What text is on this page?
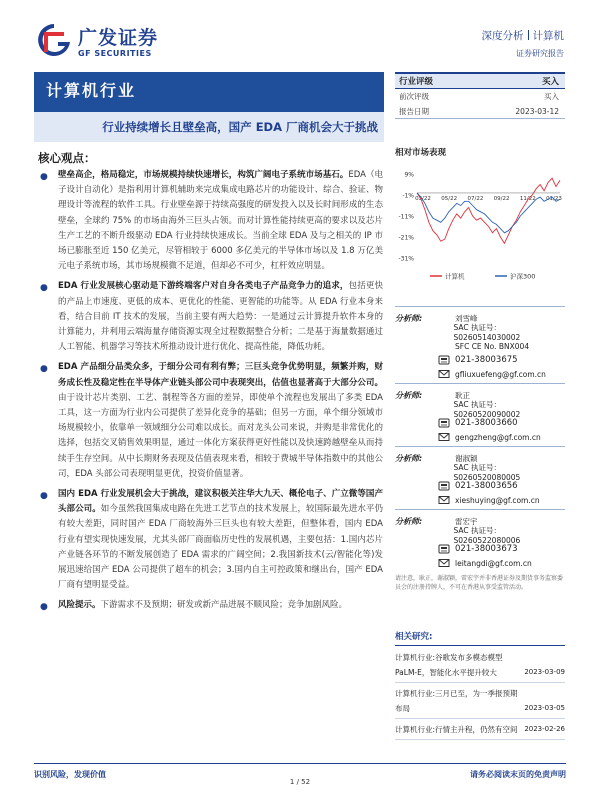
广发证券
GF SECURITIES
深度分析 计算机
证券研究报告
计算机行业
行业持续增长且壁垒高，国产 EDA 厂商机会大于挑战
行业评级	买入
前次评级	买入
报告日期	2023-03-12
相对市场表现
9%
-1%
-11%
-21%
-31%
03/22 05/22 07/22 09/22 11/22 01/23
计算机	沪深300
分析师:	刘雪峰
SAC 执证号：S0260514030002
SFC CE No. BNX004
021-38003675
gfliuxuefeng@gf.com.cn
分析师:	耿正
SAC 执证号：S0260520090002
021-38003660
gengzheng@gf.com.cn
分析师:	谢淑颖
SAC 执证号：S0260520080005
021-38003656
xieshuying@gf.com.cn
分析师:	雷宏宇
SAC 执证号：S0260522080006
021-38003673
leitangdi@gf.com.cn
请注意，耿正，谢淑颖，雷宏宇并非香港证券及期货事务监察委员会的注册持牌人，不可在香港从事受监管活动。
相关研究:
计算机行业:谷歌发布多模态模型 PaLM-E，智能化水平提升较大	2023-03-09
计算机行业:三月已至，为一季报预期布局	2023-03-05
计算机行业:行情主升程，仍然有空间 2023-02-26
核心观点：
● 壁垒高企，格局稳定，市场规模持续快速增长，构筑广阔电子系统市场基石。EDA（电子设计自动化）是指利用计算机辅助来完成集成电路芯片的功能设计、综合、验证、物理设计等流程的软件工具。行业壁垒源于持续高强度的研发投入以及长时间形成的生态壁垒，全球约 75% 的市场由海外三巨头占领。而对计算性能持续更高的要求以及芯片生产工艺的不断升级驱动 EDA 行业持续快速成长。当前全球 EDA 及与之相关的 IP 市场已膨胀至近 150 亿美元，尽管相较于 6000 多亿美元的半导体市场以及 1.8 万亿美元电子系统市场，其市场规模微不足道，但却必不可少，杠杆效应明显。
● EDA 行业发展核心驱动是下游终端客户对自身各类电子产品竞争力的追求，包括更快的产品上市速度、更低的成本、更优化的性能、更智能的功能等。从 EDA 行业本身来看，结合目前 IT 技术的发展，当前主要有两大趋势：一是通过云计算提升软件本身的计算能力，并利用云端海量存储资源实现全过程数据整合分析；二是基于海量数据通过人工智能、机器学习等技术所推动设计进行优化、提高性能，降低功耗。
● EDA 产品细分品类众多，于细分公司有利有弊；三巨头竞争优势明显，频繁并购，财务成长性及稳定性在半导体产业链头部公司中表现突出，估值也显著高于大部分公司。由于设计芯片类别、工艺、制程等各方面的差异，即使单个流程也发展出了多类 EDA 工具，这一方面为行业内公司提供了差异化竞争的基础；但另一方面，单个细分领域市场规模较小，依靠单一领域细分公司难以成长。而对龙头公司来说，并购是非常优化的选择，包括交叉销售效果明显，通过一体化方案获得更好性能以及快速跨越壁垒从而持续手生存空间。从中长期财务表现及估值表现来看，相较于费城半导体指数中的其他公司，EDA 头部公司表现明显更优，投资价值显著。
● 国内 EDA 行业发展机会大于挑战，建议积极关注华大九天、概伦电子、广立微等国产头部公司。如今虽然我国集成电路在先进工艺节点的技术发展上，较国际最先进水平仍有较大差距，同时国产 EDA 厂商较海外三巨头也有较大差距，但整体看，国内 EDA 行业有望实现快速发展，尤其头部厂商面临历史性的发展机遇，主要包括：1.国内芯片产业链各环节的不断发展创造了 EDA 需求的广阔空间；2.我国新技术(云/智能化等)发展迅速给国产 EDA 公司提供了超车的机会；3.国内自主可控政策和继出台，国产 EDA 厂商有望明显受益。
● 风险提示。下游需求不及预期；研发或新产品进展不顺风险；竞争加剧风险。
识别风险，发现价值	请务必阅读末页的免责声明
1 / 52
